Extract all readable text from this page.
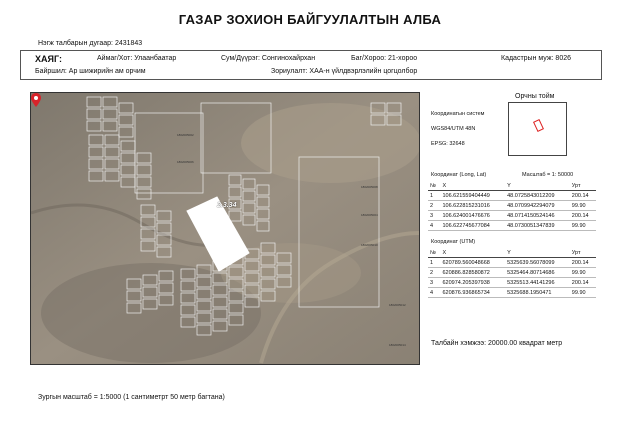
ГАЗАР ЗОХИОН БАЙГУУЛАЛТЫН АЛБА
Нэгж талбарын дугаар: 2431843
ХАЯГ:	Аймаг/Хот: Улаанбаатар	Сум/Дүүрэг: Сонгинохайрхан	Баг/Хороо: 21-хороо	Кадастрын муж: 8026
Байршил: Ар шижирийн ам орчим	Зориулалт: ХАА-н үйлдвэрлэлийн цогцолбор
1802005002
1802005006
1802005008
1802005004
1802005010
1802005012
1802005014
2.3.34
Орчны тойм
Координатын систем
WGS84/UTM 48N
EPSG: 32648
Координат (Long, Lat)	Масштаб = 1: 50000
№	X	Y	Урт
1	106.621559404449	48.0725843012209	200.14
2	106.622815231016	48.0709942294079	99.90
3	106.624001476676	48.0714150524146	200.14
4	106.622745677084	48.0730051347839	99.90
Координат (UTM)
№	X	Y	Урт
1	620789.560048668	5325639.56078099	200.14
2	620886.828580872	5325464.80714686	99.90
3	620974.205397938	5325513.44141296	200.14
4	620876.936865734	5325688.1950471	99.90
Талбайн хэмжээ: 20000.00 квадрат метр
Зургын масштаб = 1:5000 (1 сантиметрт 50 метр багтана)
